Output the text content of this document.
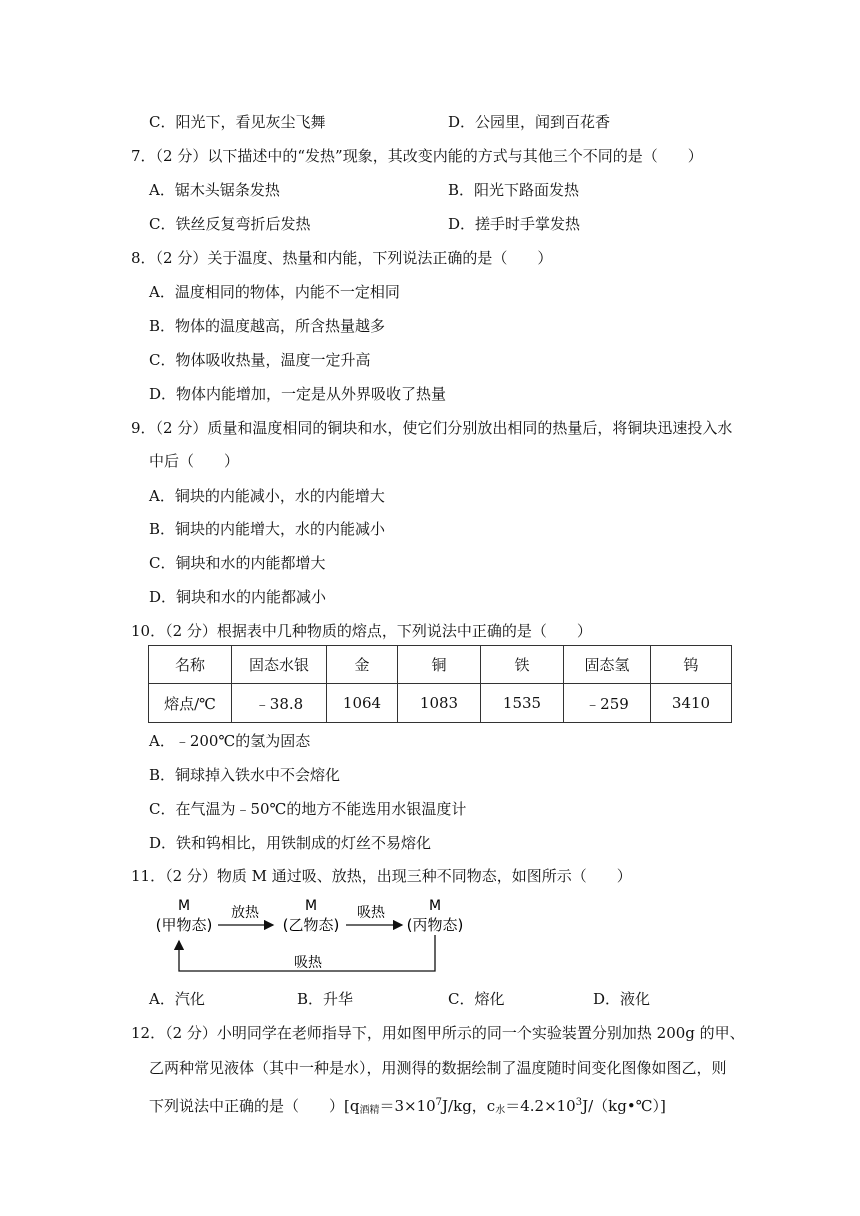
C．阳光下，看见灰尘飞舞	D．公园里，闻到百花香
7．（2 分）以下描述中的“发热”现象，其改变内能的方式与其他三个不同的是（　　）
A．锯木头锯条发热	B．阳光下路面发热
C．铁丝反复弯折后发热	D．搓手时手掌发热
8．（2 分）关于温度、热量和内能，下列说法正确的是（　　）
A．温度相同的物体，内能不一定相同
B．物体的温度越高，所含热量越多
C．物体吸收热量，温度一定升高
D．物体内能增加，一定是从外界吸收了热量
9．（2 分）质量和温度相同的铜块和水，使它们分别放出相同的热量后，将铜块迅速投入水
中后（　　）
A．铜块的内能减小，水的内能增大
B．铜块的内能增大，水的内能减小
C．铜块和水的内能都增大
D．铜块和水的内能都减小
10．（2 分）根据表中几种物质的熔点，下列说法中正确的是（　　）
名称	固态水银	金	铜	铁	固态氢	钨
熔点/℃	﹣38.8	1064	1083	1535	﹣259	3410
A．﹣200℃的氢为固态
B．铜球掉入铁水中不会熔化
C．在气温为﹣50℃的地方不能选用水银温度计
D．铁和钨相比，用铁制成的灯丝不易熔化
11．（2 分）物质 M 通过吸、放热，出现三种不同物态，如图所示（　　）
M	M	M
(甲物态)	(乙物态)	(丙物态)
放热	吸热
吸热
A．汽化	B．升华	C．熔化	D．液化
12．（2 分）小明同学在老师指导下，用如图甲所示的同一个实验装置分别加热 200g 的甲、
乙两种常见液体（其中一种是水），用测得的数据绘制了温度随时间变化图像如图乙，则
下列说法中正确的是（　　）[$q_{酒精}=3\times 10^7J/kg$，$c_水=4.2\times 10^3J/(kg•℃)$]
